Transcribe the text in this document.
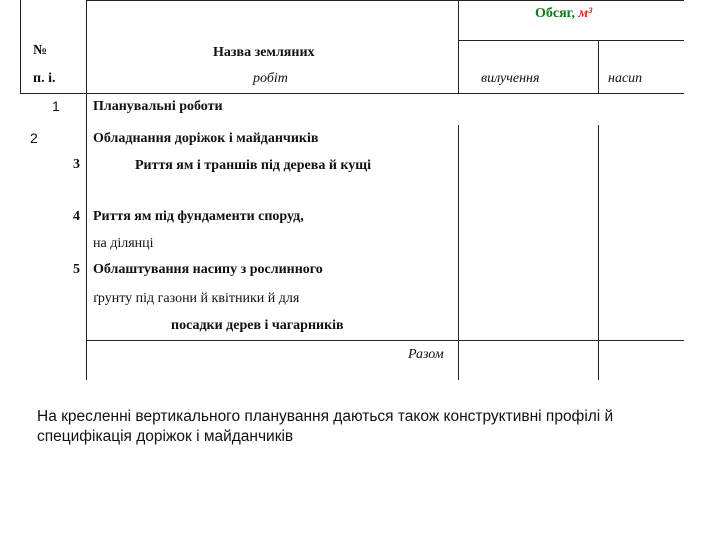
Обсяг, м³
№	Назва земляних
п. і.	робіт	вилучення	насип
1 Планувальні роботи
2	Обладнання доріжок і майданчиків
3	Риття ям і траншів під дерева й кущі
4 Риття ям під фундаменти споруд,
на ділянці
5 Облаштування насипу з рослинного
ґрунту під газони й квітники й для
посадки дерев і чагарників
Разом

На кресленні вертикального планування даються також конструктивні профілі й специфікація доріжок і майданчиків
